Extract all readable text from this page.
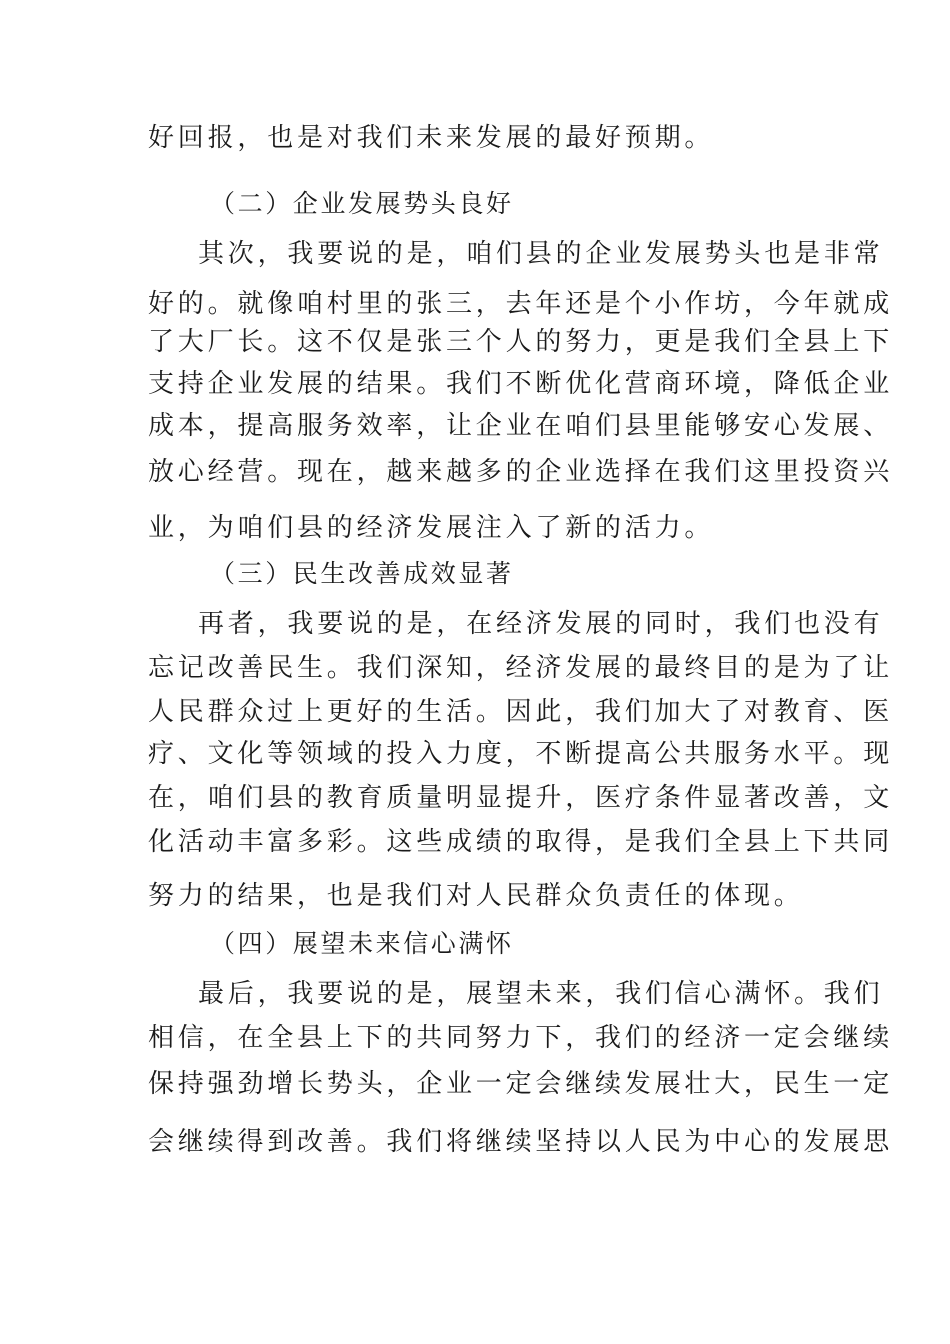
好回报，也是对我们未来发展的最好预期。
（二）企业发展势头良好
其次，我要说的是，咱们县的企业发展势头也是非常
好的。就像咱村里的张三，去年还是个小作坊，今年就成
了大厂长。这不仅是张三个人的努力，更是我们全县上下
支持企业发展的结果。我们不断优化营商环境，降低企业
成本，提高服务效率，让企业在咱们县里能够安心发展、
放心经营。现在，越来越多的企业选择在我们这里投资兴
业，为咱们县的经济发展注入了新的活力。
（三）民生改善成效显著
再者，我要说的是，在经济发展的同时，我们也没有
忘记改善民生。我们深知，经济发展的最终目的是为了让
人民群众过上更好的生活。因此，我们加大了对教育、医
疗、文化等领域的投入力度，不断提高公共服务水平。现
在，咱们县的教育质量明显提升，医疗条件显著改善，文
化活动丰富多彩。这些成绩的取得，是我们全县上下共同
努力的结果，也是我们对人民群众负责任的体现。
（四）展望未来信心满怀
最后，我要说的是，展望未来，我们信心满怀。我们
相信，在全县上下的共同努力下，我们的经济一定会继续
保持强劲增长势头，企业一定会继续发展壮大，民生一定
会继续得到改善。我们将继续坚持以人民为中心的发展思
